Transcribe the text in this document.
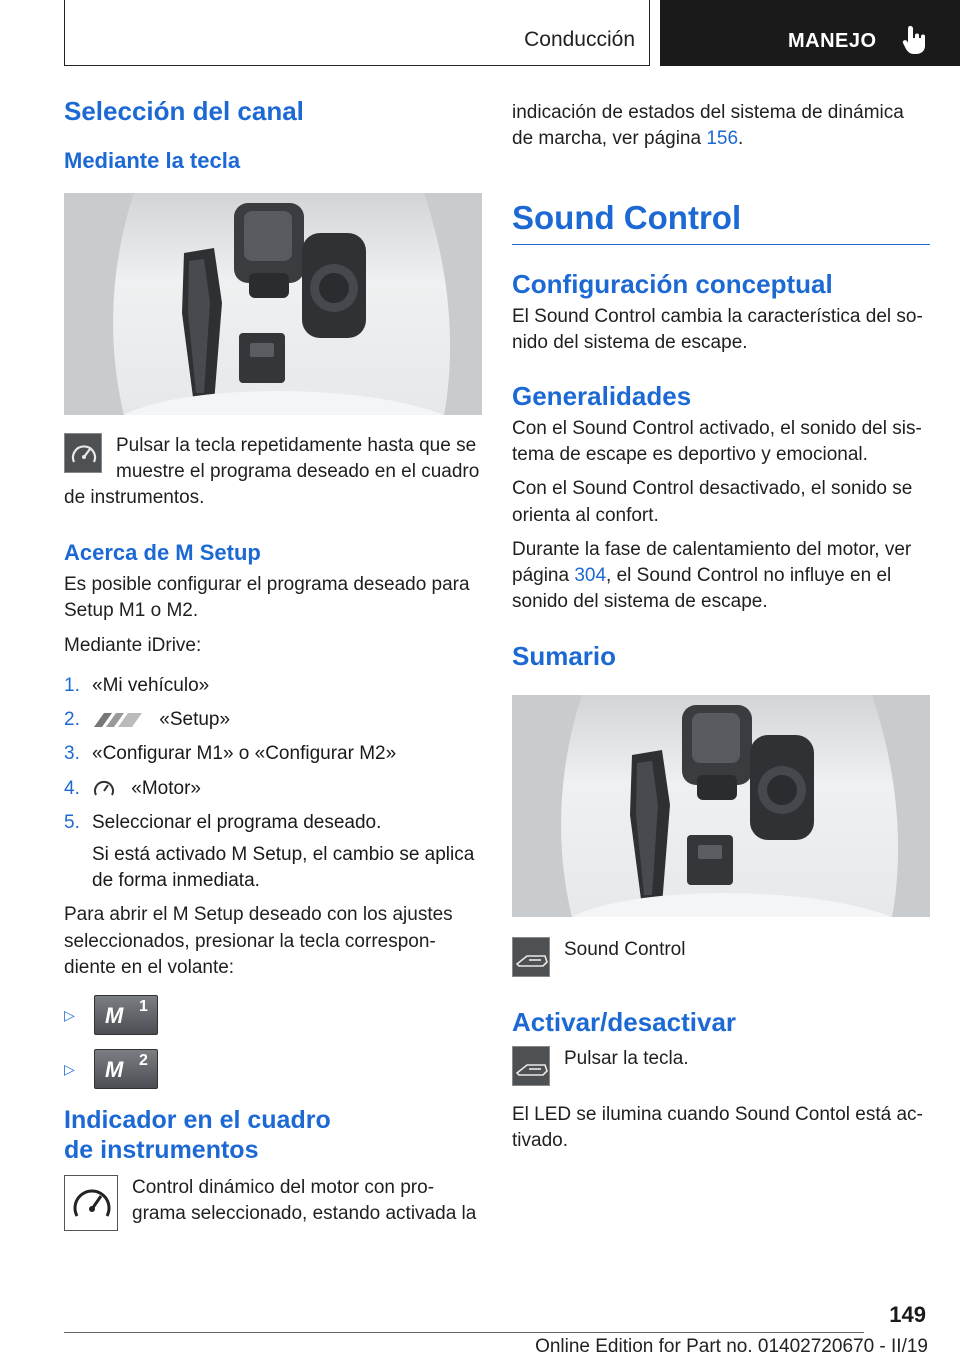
Conducción	MANEJO
Selección del canal
Mediante la tecla

Pulsar la tecla repetidamente hasta que se muestre el programa deseado en el cuadro de instrumentos.

Acerca de M Setup

Es posible configurar el programa deseado para Setup M1 o M2.

Mediante iDrive:

1. «Mi vehículo»
2.	«Setup»
3. «Configurar M1» o «Configurar M2»
4.	«Motor»
5. Seleccionar el programa deseado.
Si está activado M Setup, el cambio se aplica de forma inmediata.

Para abrir el M Setup deseado con los ajustes seleccionados, presionar la tecla correspon‐ diente en el volante:

▷	M 1
▷	M 2
Indicador en el cuadro
de instrumentos

Control dinámico del motor con pro‐ grama seleccionado, estando activada la

indicación de estados del sistema de dinámica de marcha, ver página 156.

Sound Control
Configuración conceptual

El Sound Control cambia la característica del so‐ nido del sistema de escape.

Generalidades

Con el Sound Control activado, el sonido del sis‐ tema de escape es deportivo y emocional.

Con el Sound Control desactivado, el sonido se orienta al confort.

Durante la fase de calentamiento del motor, ver página 304, el Sound Control no influye en el sonido del sistema de escape.

Sumario

Sound Control

Activar/desactivar

Pulsar la tecla.

El LED se ilumina cuando Sound Contol está ac‐ tivado.

149
Online Edition for Part no. 01402720670 - II/19
